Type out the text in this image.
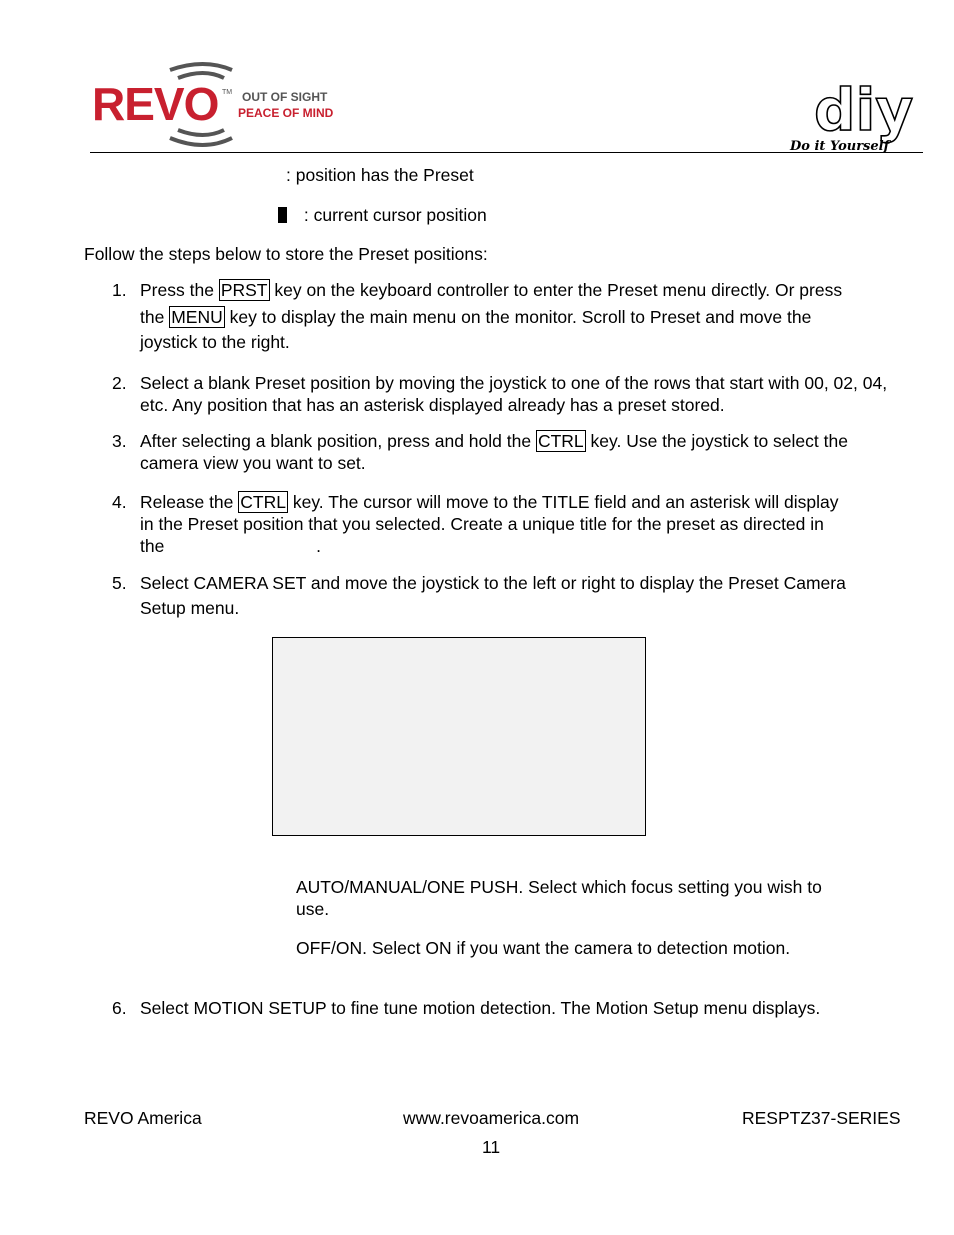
REVO TM OUT OF SIGHT
PEACE OF MIND	diy
Do it Yourself
: position has the Preset
: current cursor position
Follow the steps below to store the Preset positions:
1. Press the PRST key on the keyboard controller to enter the Preset menu directly. Or press
the MENU key to display the main menu on the monitor. Scroll to Preset and move the
joystick to the right.
2. Select a blank Preset position by moving the joystick to one of the rows that start with 00, 02, 04, etc. Any position that has an asterisk displayed already has a preset stored.
3. After selecting a blank position, press and hold the CTRL key. Use the joystick to select the
camera view you want to set.
4. Release the CTRL key. The cursor will move to the TITLE field and an asterisk will display
in the Preset position that you selected. Create a unique title for the preset as directed in
the	.
5. Select CAMERA SET and move the joystick to the left or right to display the Preset Camera
Setup menu.
AUTO/MANUAL/ONE PUSH. Select which focus setting you wish to
use.
OFF/ON. Select ON if you want the camera to detection motion.
6. Select MOTION SETUP to fine tune motion detection. The Motion Setup menu displays.
REVO America	www.revoamerica.com	RESPTZ37-SERIES
11
